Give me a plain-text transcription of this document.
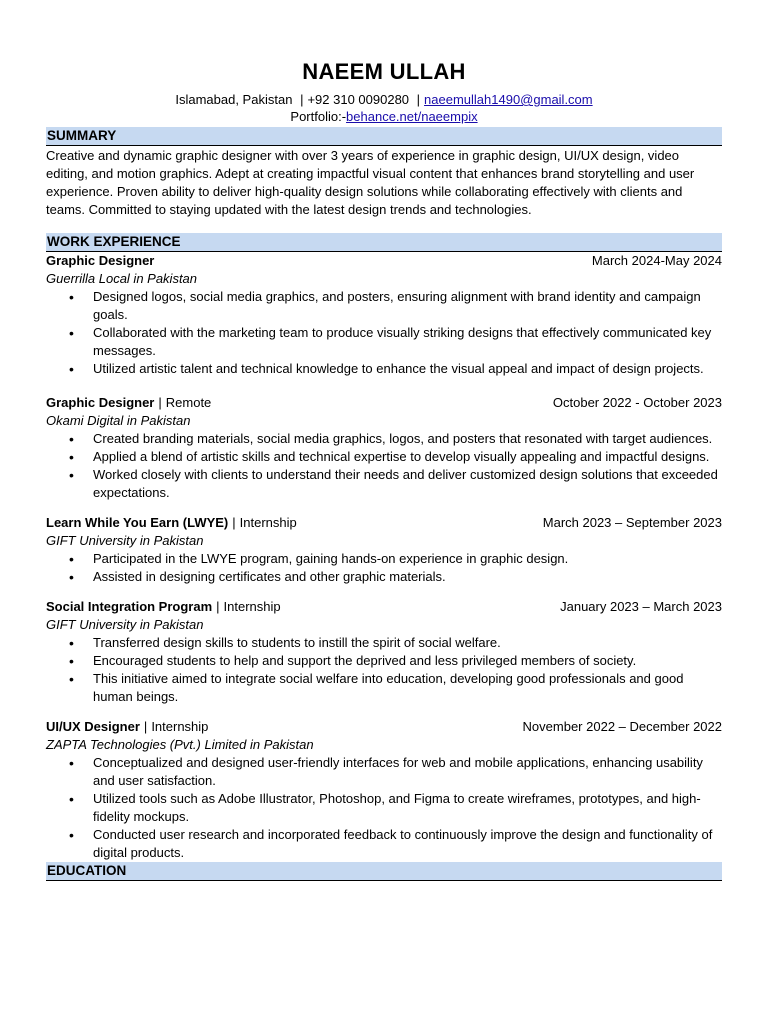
NAEEM ULLAH
Islamabad, Pakistan | +92 310 0090280 | naeemullah1490@gmail.com
Portfolio:-behance.net/naeempix
SUMMARY

Creative and dynamic graphic designer with over 3 years of experience in graphic design, UI/UX design, video editing, and motion graphics. Adept at creating impactful visual content that enhances brand storytelling and user experience. Proven ability to deliver high-quality design solutions while collaborating effectively with clients and teams. Committed to staying updated with the latest design trends and technologies.

WORK EXPERIENCE
Graphic Designer	March 2024-May 2024
Guerrilla Local in Pakistan
• Designed logos, social media graphics, and posters, ensuring alignment with brand identity and campaign goals.
• Collaborated with the marketing team to produce visually striking designs that effectively communicated key messages.
• Utilized artistic talent and technical knowledge to enhance the visual appeal and impact of design projects.
Graphic Designer | Remote	October 2022 - October 2023
Okami Digital in Pakistan
• Created branding materials, social media graphics, logos, and posters that resonated with target audiences.
• Applied a blend of artistic skills and technical expertise to develop visually appealing and impactful designs.
• Worked closely with clients to understand their needs and deliver customized design solutions that exceeded expectations.
Learn While You Earn (LWYE) | Internship	March 2023 – September 2023
GIFT University in Pakistan
• Participated in the LWYE program, gaining hands-on experience in graphic design.
• Assisted in designing certificates and other graphic materials.
Social Integration Program | Internship	January 2023 – March 2023
GIFT University in Pakistan
• Transferred design skills to students to instill the spirit of social welfare.
• Encouraged students to help and support the deprived and less privileged members of society.
• This initiative aimed to integrate social welfare into education, developing good professionals and good human beings.
UI/UX Designer | Internship	November 2022 – December 2022
ZAPTA Technologies (Pvt.) Limited in Pakistan
• Conceptualized and designed user-friendly interfaces for web and mobile applications, enhancing usability and user satisfaction.
• Utilized tools such as Adobe Illustrator, Photoshop, and Figma to create wireframes, prototypes, and high-fidelity mockups.
• Conducted user research and incorporated feedback to continuously improve the design and functionality of digital products.
EDUCATION
